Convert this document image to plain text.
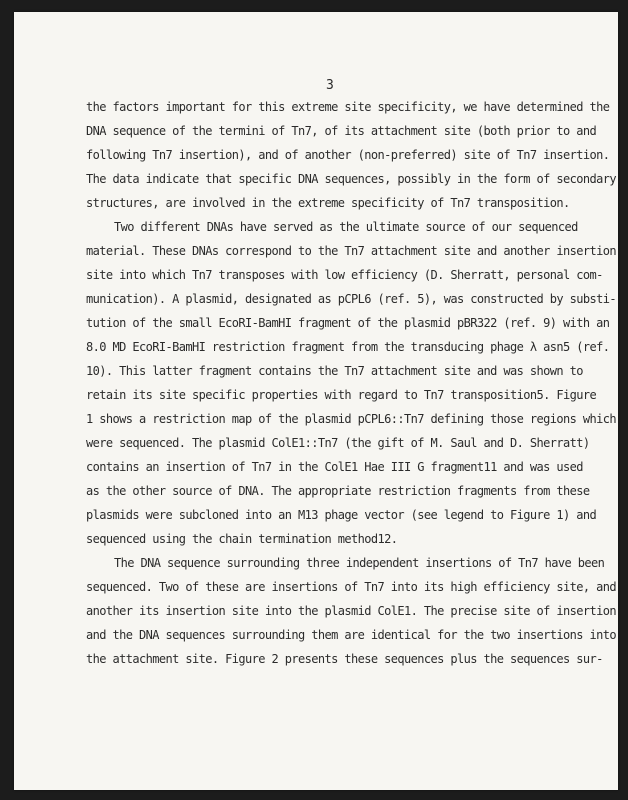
3
the factors important for this extreme site specificity, we have determined the
DNA sequence of the termini of Tn7, of its attachment site (both prior to and
following Tn7 insertion), and of another (non-preferred) site of Tn7 insertion.
The data indicate that specific DNA sequences, possibly in the form of secondary
structures, are involved in the extreme specificity of Tn7 transposition.
Two different DNAs have served as the ultimate source of our sequenced
material. These DNAs correspond to the Tn7 attachment site and another insertion
site into which Tn7 transposes with low efficiency (D. Sherratt, personal com-
munication). A plasmid, designated as pCPL6 (ref. 5), was constructed by substi-
tution of the small EcoRI-BamHI fragment of the plasmid pBR322 (ref. 9) with an
8.0 MD EcoRI-BamHI restriction fragment from the transducing phage λ asn5 (ref.
10). This latter fragment contains the Tn7 attachment site and was shown to
retain its site specific properties with regard to Tn7 transposition5. Figure
1 shows a restriction map of the plasmid pCPL6::Tn7 defining those regions which
were sequenced. The plasmid ColE1::Tn7 (the gift of M. Saul and D. Sherratt)
contains an insertion of Tn7 in the ColE1 Hae III G fragment11 and was used
as the other source of DNA. The appropriate restriction fragments from these
plasmids were subcloned into an M13 phage vector (see legend to Figure 1) and
sequenced using the chain termination method12.
The DNA sequence surrounding three independent insertions of Tn7 have been
sequenced. Two of these are insertions of Tn7 into its high efficiency site, and
another its insertion site into the plasmid ColE1. The precise site of insertion
and the DNA sequences surrounding them are identical for the two insertions into
the attachment site. Figure 2 presents these sequences plus the sequences sur-
